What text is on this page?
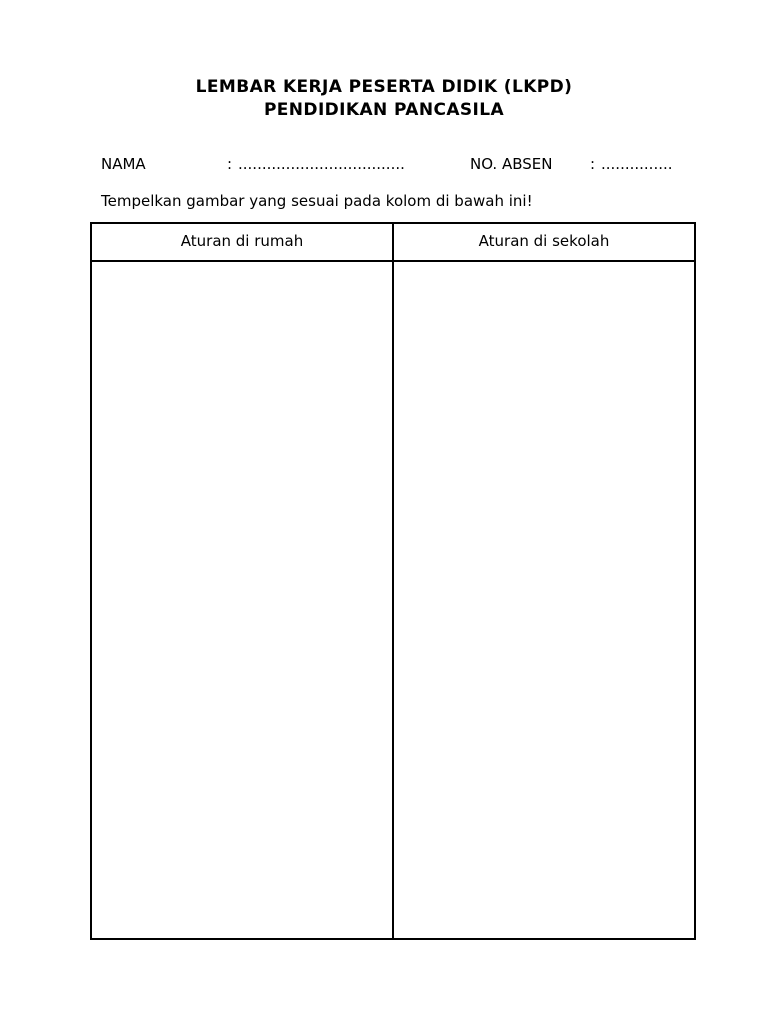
LEMBAR KERJA PESERTA DIDIK (LKPD)
PENDIDIKAN PANCASILA
NAMA	: ...................................	NO. ABSEN	: ...............
Tempelkan gambar yang sesuai pada kolom di bawah ini!
Aturan di rumah	Aturan di sekolah
